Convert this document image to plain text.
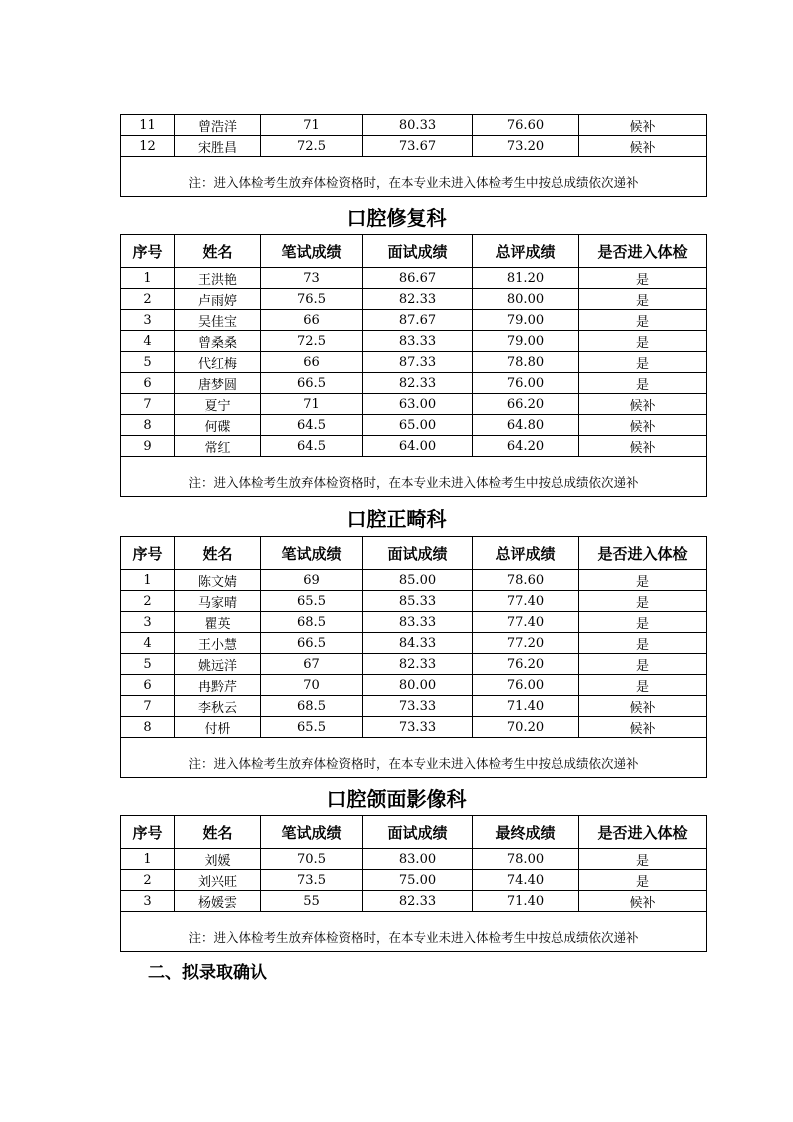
11	曾浩洋	71	80.33	76.60	候补
12	宋胜昌	72.5	73.67	73.20	候补
注：进入体检考生放弃体检资格时，在本专业未进入体检考生中按总成绩依次递补					
口腔修复科
序号	姓名	笔试成绩	面试成绩	总评成绩	是否进入体检
1	王洪艳	73	86.67	81.20	是
2	卢雨婷	76.5	82.33	80.00	是
3	吴佳宝	66	87.67	79.00	是
4	曾桑桑	72.5	83.33	79.00	是
5	代红梅	66	87.33	78.80	是
6	唐梦圆	66.5	82.33	76.00	是
7	夏宁	71	63.00	66.20	候补
8	何碟	64.5	65.00	64.80	候补
9	常红	64.5	64.00	64.20	候补
注：进入体检考生放弃体检资格时，在本专业未进入体检考生中按总成绩依次递补					
口腔正畸科
序号	姓名	笔试成绩	面试成绩	总评成绩	是否进入体检
1	陈文婧	69	85.00	78.60	是
2	马家晴	65.5	85.33	77.40	是
3	瞿英	68.5	83.33	77.40	是
4	王小慧	66.5	84.33	77.20	是
5	姚远洋	67	82.33	76.20	是
6	冉黔芹	70	80.00	76.00	是
7	李秋云	68.5	73.33	71.40	候补
8	付枡	65.5	73.33	70.20	候补
注：进入体检考生放弃体检资格时，在本专业未进入体检考生中按总成绩依次递补					
口腔颌面影像科
序号	姓名	笔试成绩	面试成绩	最终成绩	是否进入体检
1	刘媛	70.5	83.00	78.00	是
2	刘兴旺	73.5	75.00	74.40	是
3	杨媛雲	55	82.33	71.40	候补
注：进入体检考生放弃体检资格时，在本专业未进入体检考生中按总成绩依次递补					
二、拟录取确认
